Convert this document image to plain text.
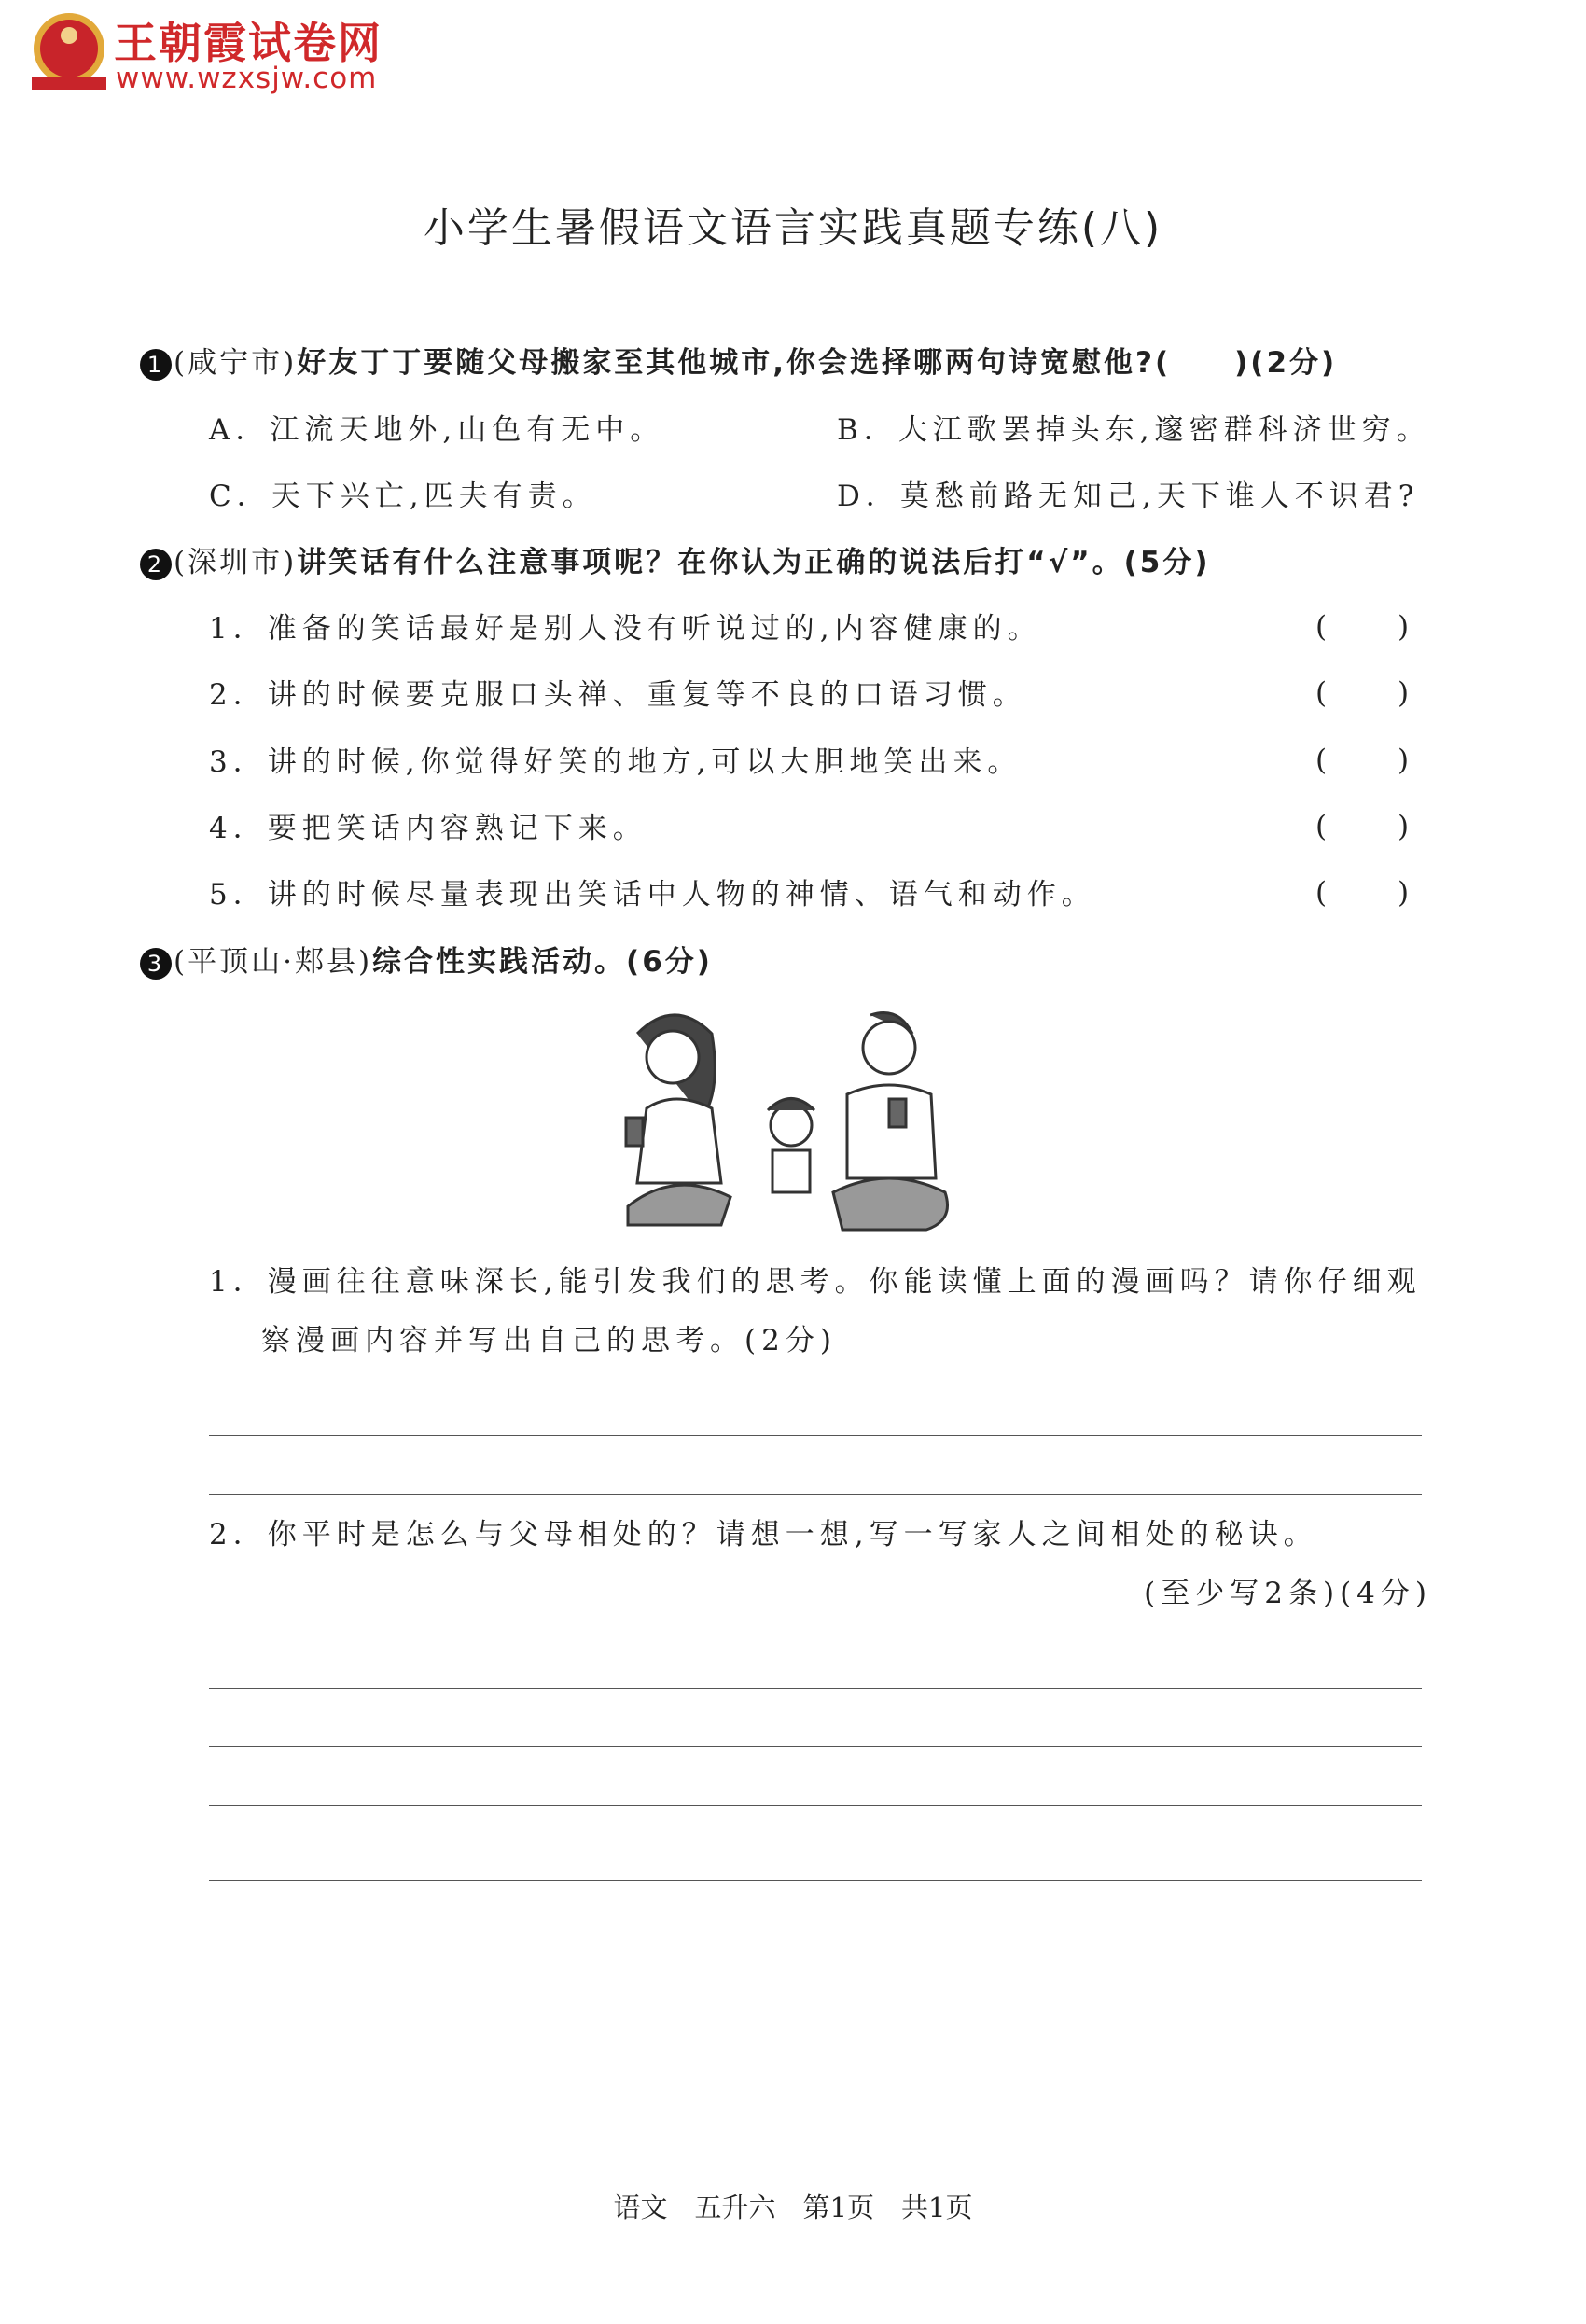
王朝霞试卷网
www.wzxsjw.com
小学生暑假语文语言实践真题专练(八)
1 (咸宁市)好友丁丁要随父母搬家至其他城市,你会选择哪两句诗宽慰他?(　　)(2分)
A．江流天地外,山色有无中。	B．大江歌罢掉头东,邃密群科济世穷。
C．天下兴亡,匹夫有责。	D．莫愁前路无知己,天下谁人不识君?
2 (深圳市)讲笑话有什么注意事项呢？在你认为正确的说法后打“√”。(5分)
1．准备的笑话最好是别人没有听说过的,内容健康的。	( )
2．讲的时候要克服口头禅、重复等不良的口语习惯。	( )
3．讲的时候,你觉得好笑的地方,可以大胆地笑出来。	( )
4．要把笑话内容熟记下来。	( )
5．讲的时候尽量表现出笑话中人物的神情、语气和动作。	( )
3 (平顶山·郏县)综合性实践活动。(6分)
1．漫画往往意味深长,能引发我们的思考。你能读懂上面的漫画吗？请你仔细观
察漫画内容并写出自己的思考。(2分)
2．你平时是怎么与父母相处的？请想一想,写一写家人之间相处的秘诀。
(至少写2条)(4分)
语文　五升六　第1页　共1页
